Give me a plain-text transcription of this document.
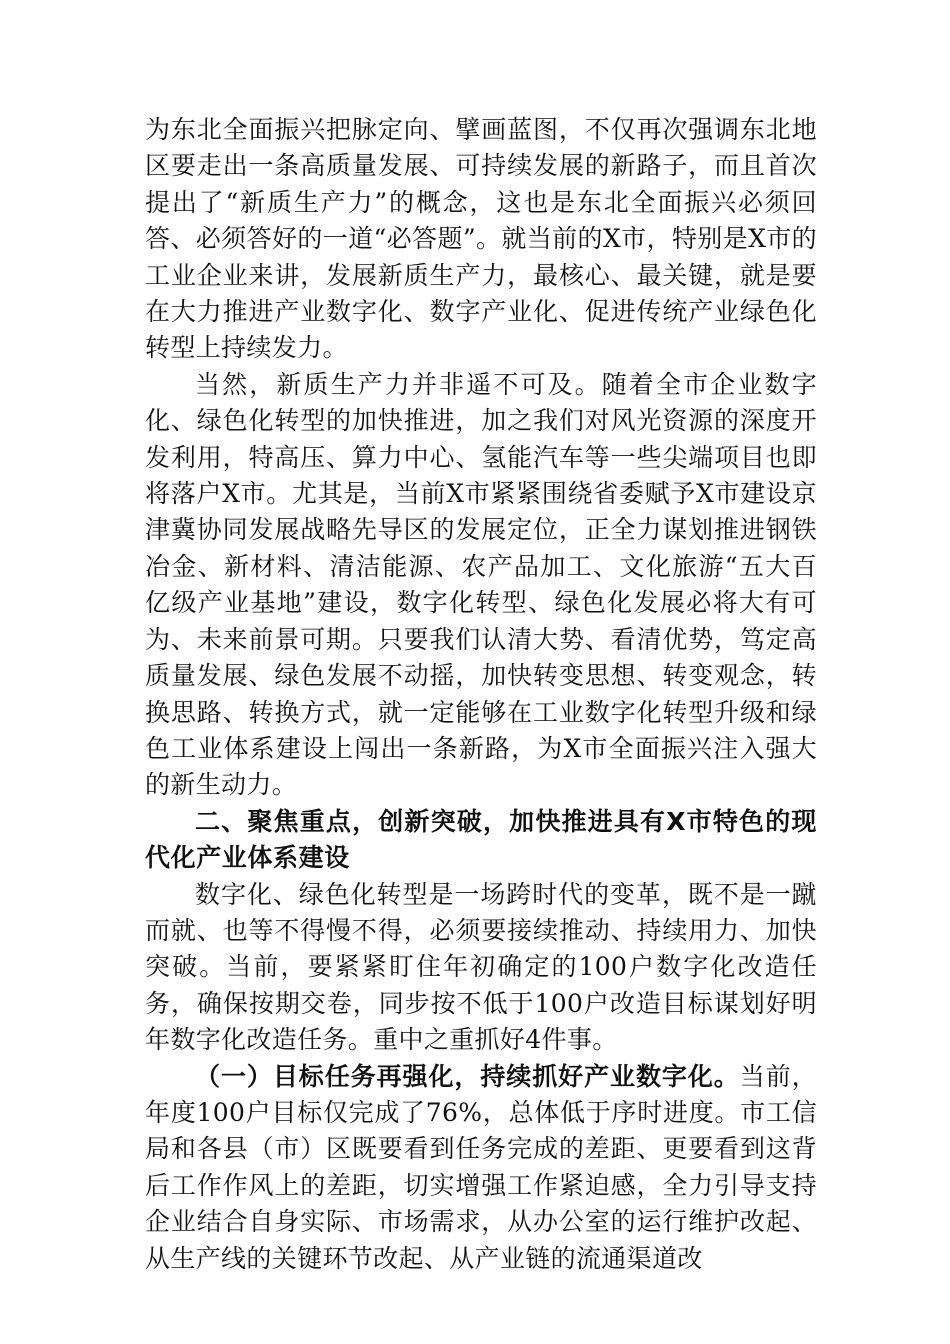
为东北全面振兴把脉定向、擘画蓝图，不仅再次强调东北地区要走出一条高质量发展、可持续发展的新路子，而且首次提出了“新质生产力”的概念，这也是东北全面振兴必须回答、必须答好的一道“必答题”。就当前的X市，特别是X市的工业企业来讲，发展新质生产力，最核心、最关键，就是要在大力推进产业数字化、数字产业化、促进传统产业绿色化转型上持续发力。

当然，新质生产力并非遥不可及。随着全市企业数字化、绿色化转型的加快推进，加之我们对风光资源的深度开发利用，特高压、算力中心、氢能汽车等一些尖端项目也即将落户X市。尤其是，当前X市紧紧围绕省委赋予X市建设京津冀协同发展战略先导区的发展定位，正全力谋划推进钢铁冶金、新材料、清洁能源、农产品加工、文化旅游“五大百亿级产业基地”建设，数字化转型、绿色化发展必将大有可为、未来前景可期。只要我们认清大势、看清优势，笃定高质量发展、绿色发展不动摇，加快转变思想、转变观念，转换思路、转换方式，就一定能够在工业数字化转型升级和绿色工业体系建设上闯出一条新路，为X市全面振兴注入强大的新生动力。

二、聚焦重点，创新突破，加快推进具有X市特色的现代化产业体系建设

数字化、绿色化转型是一场跨时代的变革，既不是一蹴而就、也等不得慢不得，必须要接续推动、持续用力、加快突破。当前，要紧紧盯住年初确定的100户数字化改造任务，确保按期交卷，同步按不低于100户改造目标谋划好明年数字化改造任务。重中之重抓好4件事。

（一）目标任务再强化，持续抓好产业数字化。当前，年度100户目标仅完成了76%，总体低于序时进度。市工信局和各县（市）区既要看到任务完成的差距、更要看到这背后工作作风上的差距，切实增强工作紧迫感，全力引导支持企业结合自身实际、市场需求，从办公室的运行维护改起、从生产线的关键环节改起、从产业链的流通渠道改
